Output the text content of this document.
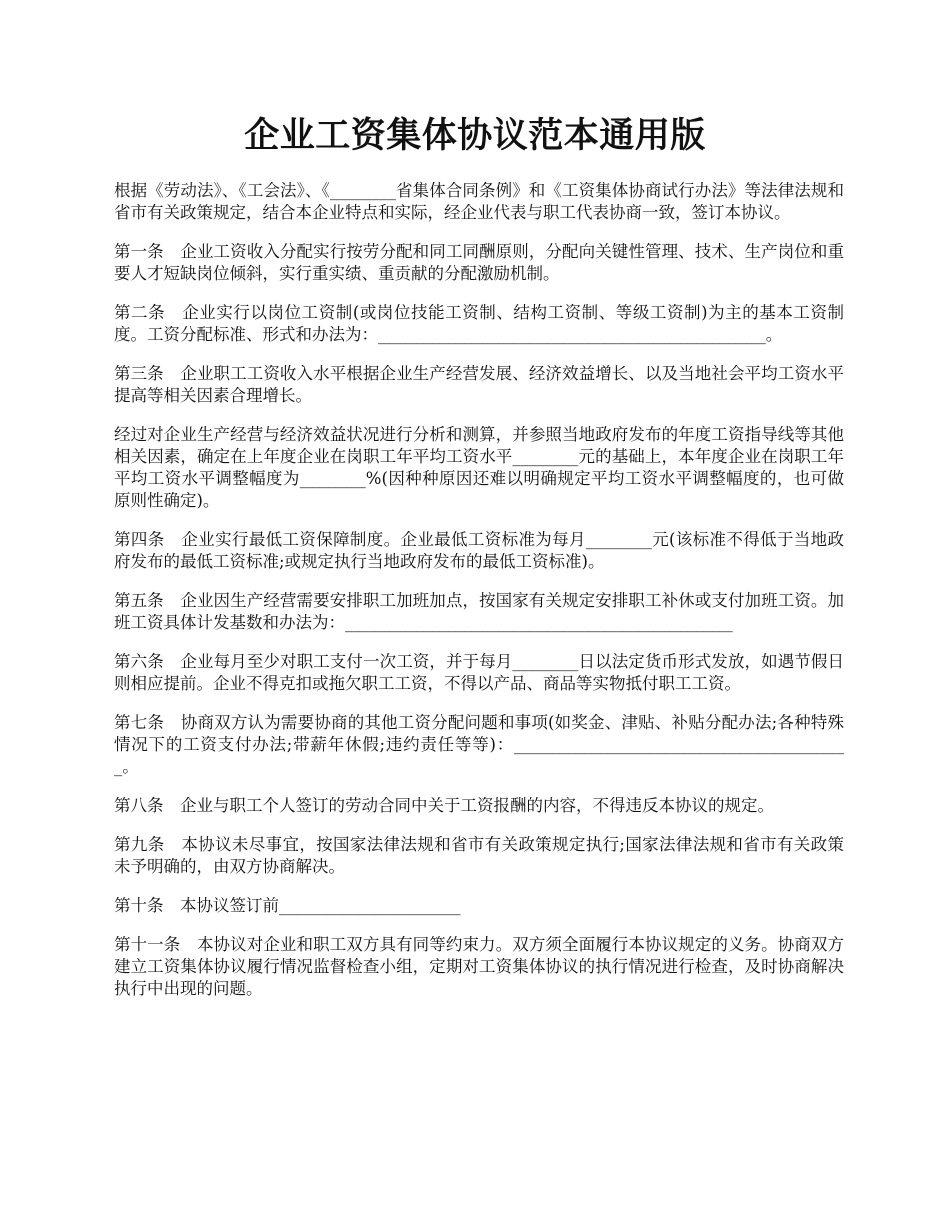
企业工资集体协议范本通用版

根据《劳动法》、《工会法》、《________省集体合同条例》和《工资集体协商试行办法》等法律法规和省市有关政策规定，结合本企业特点和实际，经企业代表与职工代表协商一致，签订本协议。

第一条　企业工资收入分配实行按劳分配和同工同酬原则，分配向关键性管理、技术、生产岗位和重要人才短缺岗位倾斜，实行重实绩、重贡献的分配激励机制。

第二条　企业实行以岗位工资制(或岗位技能工资制、结构工资制、等级工资制)为主的基本工资制度。工资分配标准、形式和办法为：_______________________________________________。

第三条　企业职工工资收入水平根据企业生产经营发展、经济效益增长、以及当地社会平均工资水平提高等相关因素合理增长。

经过对企业生产经营与经济效益状况进行分析和测算，并参照当地政府发布的年度工资指导线等其他相关因素，确定在上年度企业在岗职工年平均工资水平________元的基础上，本年度企业在岗职工年平均工资水平调整幅度为________%(因种种原因还难以明确规定平均工资水平调整幅度的，也可做原则性确定)。

第四条　企业实行最低工资保障制度。企业最低工资标准为每月________元(该标准不得低于当地政府发布的最低工资标准;或规定执行当地政府发布的最低工资标准)。

第五条　企业因生产经营需要安排职工加班加点，按国家有关规定安排职工补休或支付加班工资。加班工资具体计发基数和办法为：_______________________________________________

第六条　企业每月至少对职工支付一次工资，并于每月________日以法定货币形式发放，如遇节假日则相应提前。企业不得克扣或拖欠职工工资，不得以产品、商品等实物抵付职工工资。

第七条　协商双方认为需要协商的其他工资分配问题和事项(如奖金、津贴、补贴分配办法;各种特殊情况下的工资支付办法;带薪年休假;违约责任等等)：_________________________________________。

第八条　企业与职工个人签订的劳动合同中关于工资报酬的内容，不得违反本协议的规定。

第九条　本协议未尽事宜，按国家法律法规和省市有关政策规定执行;国家法律法规和省市有关政策未予明确的，由双方协商解决。

第十条　本协议签订前______________________

第十一条　本协议对企业和职工双方具有同等约束力。双方须全面履行本协议规定的义务。协商双方建立工资集体协议履行情况监督检查小组，定期对工资集体协议的执行情况进行检查，及时协商解决执行中出现的问题。
